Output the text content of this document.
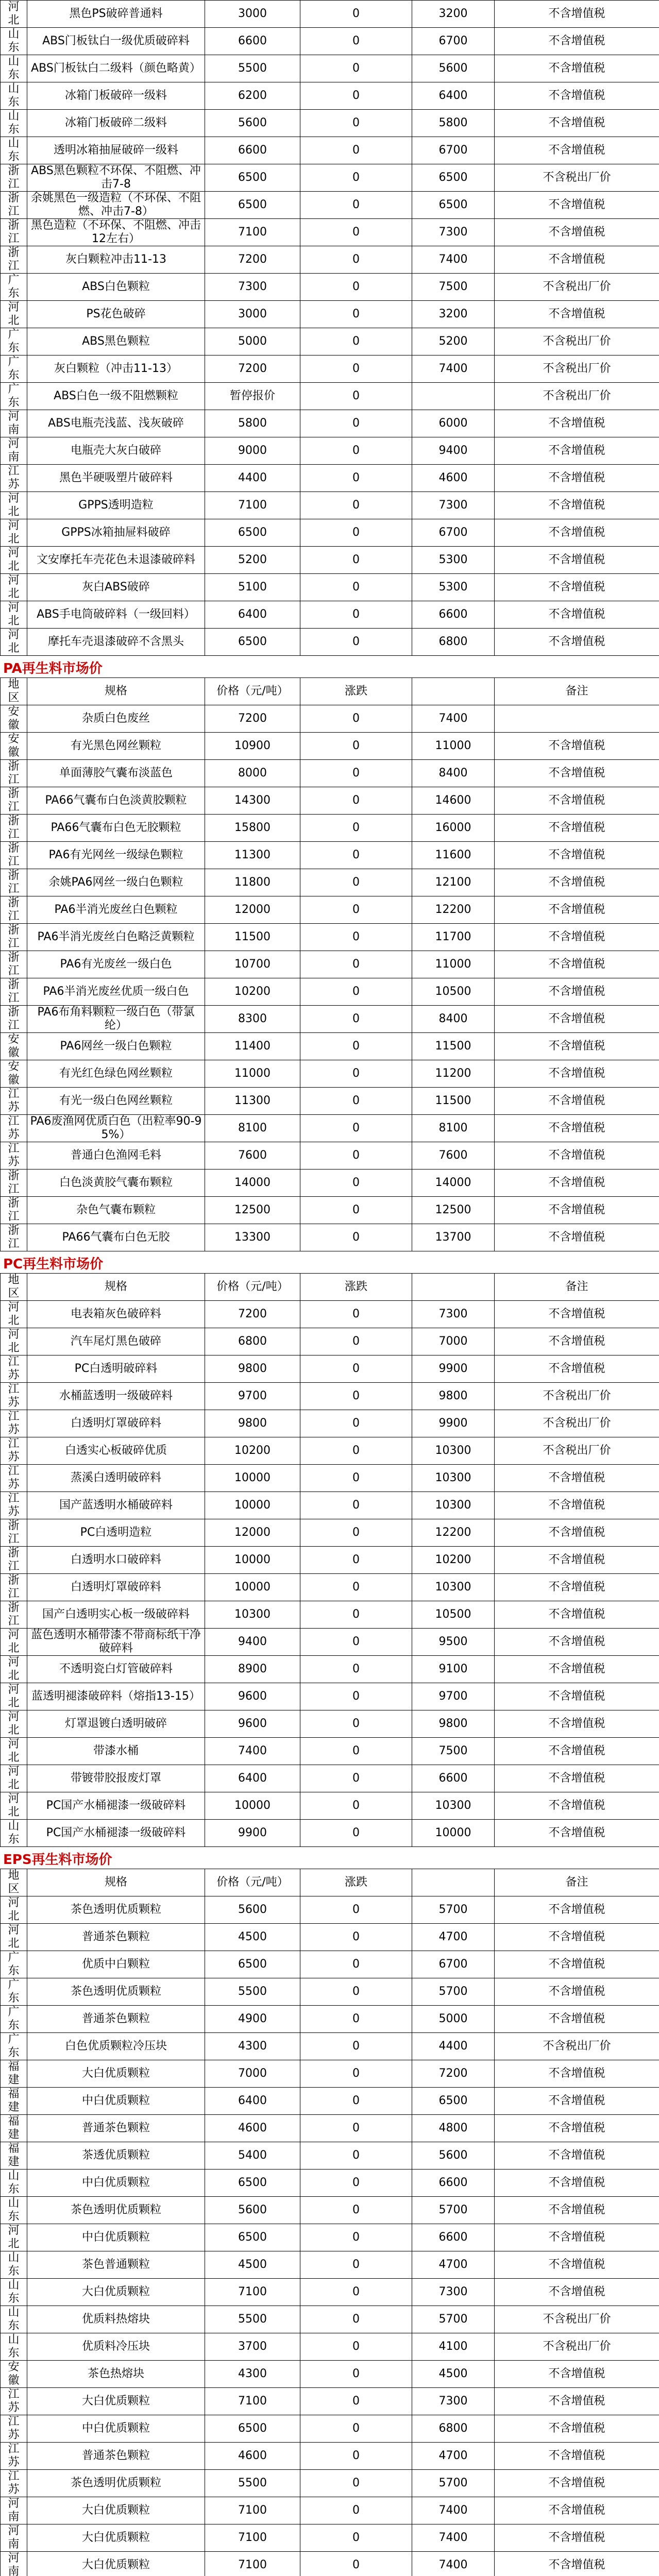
河北	黑色PS破碎普通料	3000	0	3200	不含增值税
山东	ABS门板钛白一级优质破碎料	6600	0	6700	不含增值税
山东	ABS门板钛白二级料（颜色略黄）	5500	0	5600	不含增值税
山东	冰箱门板破碎一级料	6200	0	6400	不含增值税
山东	冰箱门板破碎二级料	5600	0	5800	不含增值税
山东	透明冰箱抽屉破碎一级料	6600	0	6700	不含增值税
浙江	ABS黑色颗粒不环保、不阻燃、冲击7-8	6500	0	6500	不含税出厂价
浙江	余姚黑色一级造粒（不环保、不阻燃、冲击7-8）	6500	0	6500	不含增值税
浙江	黑色造粒（不环保、不阻燃、冲击12左右）	7100	0	7300	不含增值税
浙江	灰白颗粒冲击11-13	7200	0	7400	不含增值税
广东	ABS白色颗粒	7300	0	7500	不含税出厂价
河北	PS花色破碎	3000	0	3200	不含增值税
广东	ABS黑色颗粒	5000	0	5200	不含税出厂价
广东	灰白颗粒（冲击11-13）	7200	0	7400	不含税出厂价
广东	ABS白色一级不阻燃颗粒	暂停报价	0		不含税出厂价
河南	ABS电瓶壳浅蓝、浅灰破碎	5800	0	6000	不含增值税
河南	电瓶壳大灰白破碎	9000	0	9400	不含增值税
江苏	黑色半硬吸塑片破碎料	4400	0	4600	不含增值税
河北	GPPS透明造粒	7100	0	7300	不含增值税
河北	GPPS冰箱抽屉料破碎	6500	0	6700	不含增值税
河北	文安摩托车壳花色未退漆破碎料	5200	0	5300	不含增值税
河北	灰白ABS破碎	5100	0	5300	不含增值税
河北	ABS手电筒破碎料（一级回料）	6400	0	6600	不含增值税
河北	摩托车壳退漆破碎不含黑头	6500	0	6800	不含增值税
PA再生料市场价
地区	规格	价格（元/吨）	涨跌		备注
安徽	杂质白色废丝	7200	0	7400	
安徽	有光黑色网丝颗粒	10900	0	11000	不含增值税
浙江	单面薄胶气囊布淡蓝色	8000	0	8400	不含增值税
浙江	PA66气囊布白色淡黄胶颗粒	14300	0	14600	不含增值税
浙江	PA66气囊布白色无胶颗粒	15800	0	16000	不含增值税
浙江	PA6有光网丝一级绿色颗粒	11300	0	11600	不含增值税
浙江	余姚PA6网丝一级白色颗粒	11800	0	12100	不含增值税
浙江	PA6半消光废丝白色颗粒	12000	0	12200	不含增值税
浙江	PA6半消光废丝白色略泛黄颗粒	11500	0	11700	不含增值税
浙江	PA6有光废丝一级白色	10700	0	11000	不含增值税
浙江	PA6半消光废丝优质一级白色	10200	0	10500	不含增值税
浙江	PA6布角料颗粒一级白色（带氯纶）	8300	0	8400	不含增值税
安徽	PA6网丝一级白色颗粒	11400	0	11500	不含增值税
安徽	有光红色绿色网丝颗粒	11000	0	11200	不含增值税
江苏	有光一级白色网丝颗粒	11300	0	11500	不含增值税
江苏	PA6废渔网优质白色（出粒率90-95%）	8100	0	8100	不含增值税
江苏	普通白色渔网毛料	7600	0	7600	不含增值税
浙江	白色淡黄胶气囊布颗粒	14000	0	14000	不含增值税
浙江	杂色气囊布颗粒	12500	0	12500	不含增值税
浙江	PA66气囊布白色无胶	13300	0	13700	不含增值税
PC再生料市场价
地区	规格	价格（元/吨）	涨跌		备注
河北	电表箱灰色破碎料	7200	0	7300	不含增值税
河北	汽车尾灯黑色破碎	6800	0	7000	不含增值税
江苏	PC白透明破碎料	9800	0	9900	不含增值税
江苏	水桶蓝透明一级破碎料	9700	0	9800	不含税出厂价
江苏	白透明灯罩破碎料	9800	0	9900	不含税出厂价
江苏	白透实心板破碎优质	10200	0	10300	不含税出厂价
江苏	蒸溪白透明破碎料	10000	0	10300	不含增值税
江苏	国产蓝透明水桶破碎料	10000	0	10300	不含增值税
浙江	PC白透明造粒	12000	0	12200	不含增值税
浙江	白透明水口破碎料	10000	0	10200	不含增值税
浙江	白透明灯罩破碎料	10000	0	10300	不含增值税
浙江	国产白透明实心板一级破碎料	10300	0	10500	不含增值税
河北	蓝色透明水桶带漆不带商标纸干净破碎料	9400	0	9500	不含增值税
河北	不透明瓷白灯管破碎料	8900	0	9100	不含增值税
河北	蓝透明褪漆破碎料（熔指13-15）	9600	0	9700	不含增值税
河北	灯罩退镀白透明破碎	9600	0	9800	不含增值税
河北	带漆水桶	7400	0	7500	不含增值税
河北	带镀带胶报废灯罩	6400	0	6600	不含增值税
河北	PC国产水桶褪漆一级破碎料	10000	0	10300	不含增值税
山东	PC国产水桶褪漆一级破碎料	9900	0	10000	不含增值税
EPS再生料市场价
地区	规格	价格（元/吨）	涨跌		备注
河北	茶色透明优质颗粒	5600	0	5700	不含增值税
河北	普通茶色颗粒	4500	0	4700	不含增值税
广东	优质中白颗粒	6500	0	6700	不含增值税
广东	茶色透明优质颗粒	5500	0	5700	不含增值税
广东	普通茶色颗粒	4900	0	5000	不含增值税
广东	白色优质颗粒冷压块	4300	0	4400	不含税出厂价
福建	大白优质颗粒	7000	0	7200	不含增值税
福建	中白优质颗粒	6400	0	6500	不含增值税
福建	普通茶色颗粒	4600	0	4800	不含增值税
福建	茶透优质颗粒	5400	0	5600	不含增值税
山东	中白优质颗粒	6500	0	6600	不含增值税
山东	茶色透明优质颗粒	5600	0	5700	不含增值税
河北	中白优质颗粒	6500	0	6600	不含增值税
山东	茶色普通颗粒	4500	0	4700	不含增值税
山东	大白优质颗粒	7100	0	7300	不含增值税
山东	优质料热熔块	5500	0	5700	不含税出厂价
山东	优质料冷压块	3700	0	4100	不含税出厂价
安徽	茶色热熔块	4300	0	4500	不含增值税
江苏	大白优质颗粒	7100	0	7300	不含增值税
江苏	中白优质颗粒	6500	0	6800	不含增值税
江苏	普通茶色颗粒	4600	0	4700	不含增值税
江苏	茶色透明优质颗粒	5500	0	5700	不含增值税
河南	大白优质颗粒	7100	0	7400	不含增值税
河南	大白优质颗粒	7100	0	7400	不含增值税
河南	大白优质颗粒	7100	0	7400	不含增值税
